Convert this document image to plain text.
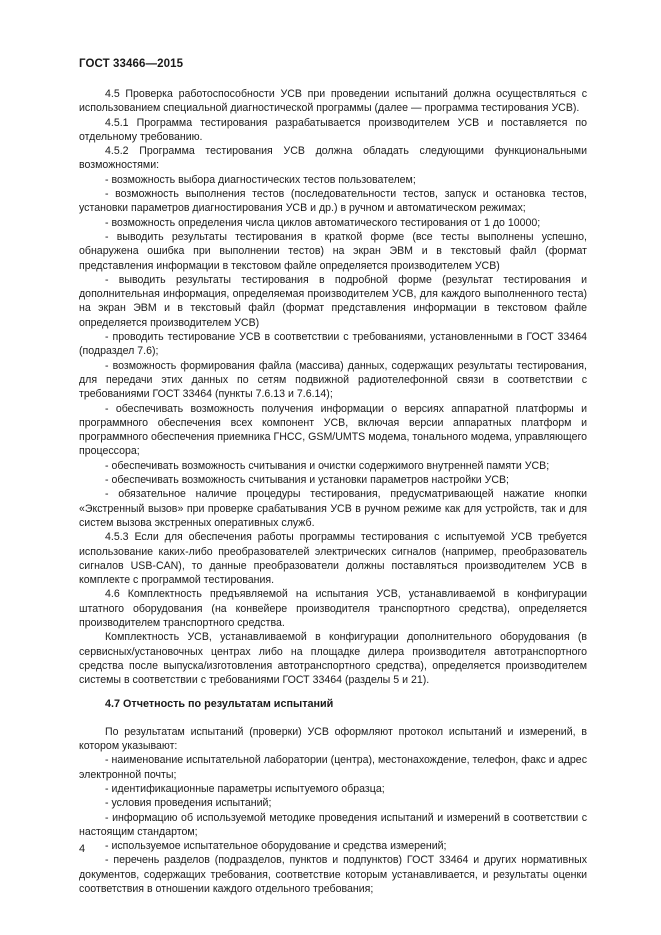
ГОСТ 33466—2015

4.5 Проверка работоспособности УСВ при проведении испытаний должна осуществляться с использованием специальной диагностической программы (далее — программа тестирования УСВ).

4.5.1 Программа тестирования разрабатывается производителем УСВ и поставляется по отдельному требованию.

4.5.2 Программа тестирования УСВ должна обладать следующими функциональными возможностями:

- возможность выбора диагностических тестов пользователем;

- возможность выполнения тестов (последовательности тестов, запуск и остановка тестов, установки параметров диагностирования УСВ и др.) в ручном и автоматическом режимах;

- возможность определения числа циклов автоматического тестирования от 1 до 10000;

- выводить результаты тестирования в краткой форме (все тесты выполнены успешно, обнаружена ошибка при выполнении тестов) на экран ЭВМ и в текстовый файл (формат представления информации в текстовом файле определяется производителем УСВ)

- выводить результаты тестирования в подробной форме (результат тестирования и дополнительная информация, определяемая производителем УСВ, для каждого выполненного теста) на экран ЭВМ и в текстовый файл (формат представления информации в текстовом файле определяется производителем УСВ)

- проводить тестирование УСВ в соответствии с требованиями, установленными в ГОСТ 33464 (подраздел 7.6);

- возможность формирования файла (массива) данных, содержащих результаты тестирования, для передачи этих данных по сетям подвижной радиотелефонной связи в соответствии с требованиями ГОСТ 33464 (пункты 7.6.13 и 7.6.14);

- обеспечивать возможность получения информации о версиях аппаратной платформы и программного обеспечения всех компонент УСВ, включая версии аппаратных платформ и программного обеспечения приемника ГНСС, GSM/UMTS модема, тонального модема, управляющего процессора;

- обеспечивать возможность считывания и очистки содержимого внутренней памяти УСВ;

- обеспечивать возможность считывания и установки параметров настройки УСВ;

- обязательное наличие процедуры тестирования, предусматривающей нажатие кнопки «Экстренный вызов» при проверке срабатывания УСВ в ручном режиме как для устройств, так и для систем вызова экстренных оперативных служб.

4.5.3 Если для обеспечения работы программы тестирования с испытуемой УСВ требуется использование каких-либо преобразователей электрических сигналов (например, преобразователь сигналов USB-CAN), то данные преобразователи должны поставляться производителем УСВ в комплекте с программой тестирования.

4.6 Комплектность предъявляемой на испытания УСВ, устанавливаемой в конфигурации штатного оборудования (на конвейере производителя транспортного средства), определяется производителем транспортного средства.

Комплектность УСВ, устанавливаемой в конфигурации дополнительного оборудования (в сервисных/установочных центрах либо на площадке дилера производителя автотранспортного средства после выпуска/изготовления автотранспортного средства), определяется производителем системы в соответствии с требованиями ГОСТ 33464 (разделы 5 и 21).

4.7 Отчетность по результатам испытаний

По результатам испытаний (проверки) УСВ оформляют протокол испытаний и измерений, в котором указывают:

- наименование испытательной лаборатории (центра), местонахождение, телефон, факс и адрес электронной почты;

- идентификационные параметры испытуемого образца;

- условия проведения испытаний;

- информацию об используемой методике проведения испытаний и измерений в соответствии с настоящим стандартом;

- используемое испытательное оборудование и средства измерений;

- перечень разделов (подразделов, пунктов и подпунктов) ГОСТ 33464 и других нормативных документов, содержащих требования, соответствие которым устанавливается, и результаты оценки соответствия в отношении каждого отдельного требования;

4
